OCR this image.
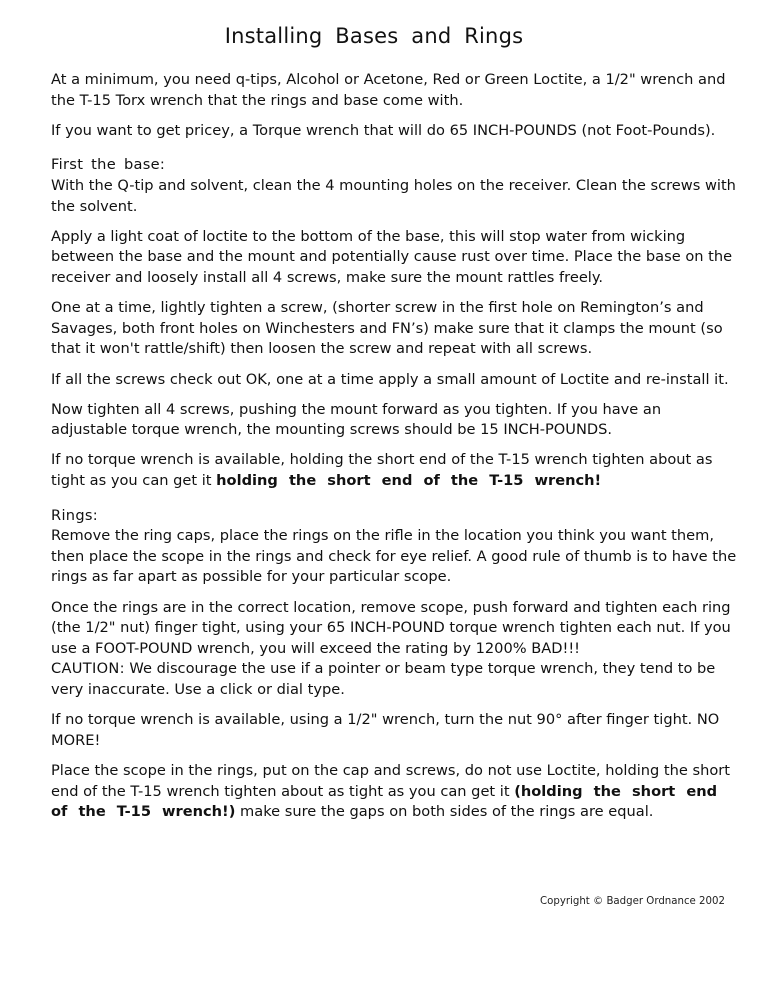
Installing Bases and Rings

At a minimum, you need q-tips, Alcohol or Acetone, Red or Green Loctite, a 1/2" wrench and the T-15 Torx wrench that the rings and base come with.

If you want to get pricey, a Torque wrench that will do 65 INCH-POUNDS (not Foot-Pounds).

First the base:
With the Q-tip and solvent, clean the 4 mounting holes on the receiver. Clean the screws with the solvent.

Apply a light coat of loctite to the bottom of the base, this will stop water from wicking between the base and the mount and potentially cause rust over time. Place the base on the receiver and loosely install all 4 screws, make sure the mount rattles freely.

One at a time, lightly tighten a screw, (shorter screw in the first hole on Remington’s and Savages, both front holes on Winchesters and FN’s) make sure that it clamps the mount (so that it won't rattle/shift) then loosen the screw and repeat with all screws.

If all the screws check out OK, one at a time apply a small amount of Loctite and re-install it.

Now tighten all 4 screws, pushing the mount forward as you tighten. If you have an adjustable torque wrench, the mounting screws should be 15 INCH-POUNDS.

If no torque wrench is available, holding the short end of the T-15 wrench tighten about as tight as you can get it holding the short end of the T-15 wrench!

Rings:
Remove the ring caps, place the rings on the rifle in the location you think you want them, then place the scope in the rings and check for eye relief. A good rule of thumb is to have the rings as far apart as possible for your particular scope.

Once the rings are in the correct location, remove scope, push forward and tighten each ring (the 1/2" nut) finger tight, using your 65 INCH-POUND torque wrench tighten each nut. If you use a FOOT-POUND wrench, you will exceed the rating by 1200% BAD!!!
CAUTION: We discourage the use if a pointer or beam type torque wrench, they tend to be very inaccurate. Use a click or dial type.

If no torque wrench is available, using a 1/2" wrench, turn the nut 90° after finger tight. NO MORE!

Place the scope in the rings, put on the cap and screws, do not use Loctite, holding the short end of the T-15 wrench tighten about as tight as you can get it (holding the short end of the T-15 wrench!) make sure the gaps on both sides of the rings are equal.

Copyright © Badger Ordnance 2002
